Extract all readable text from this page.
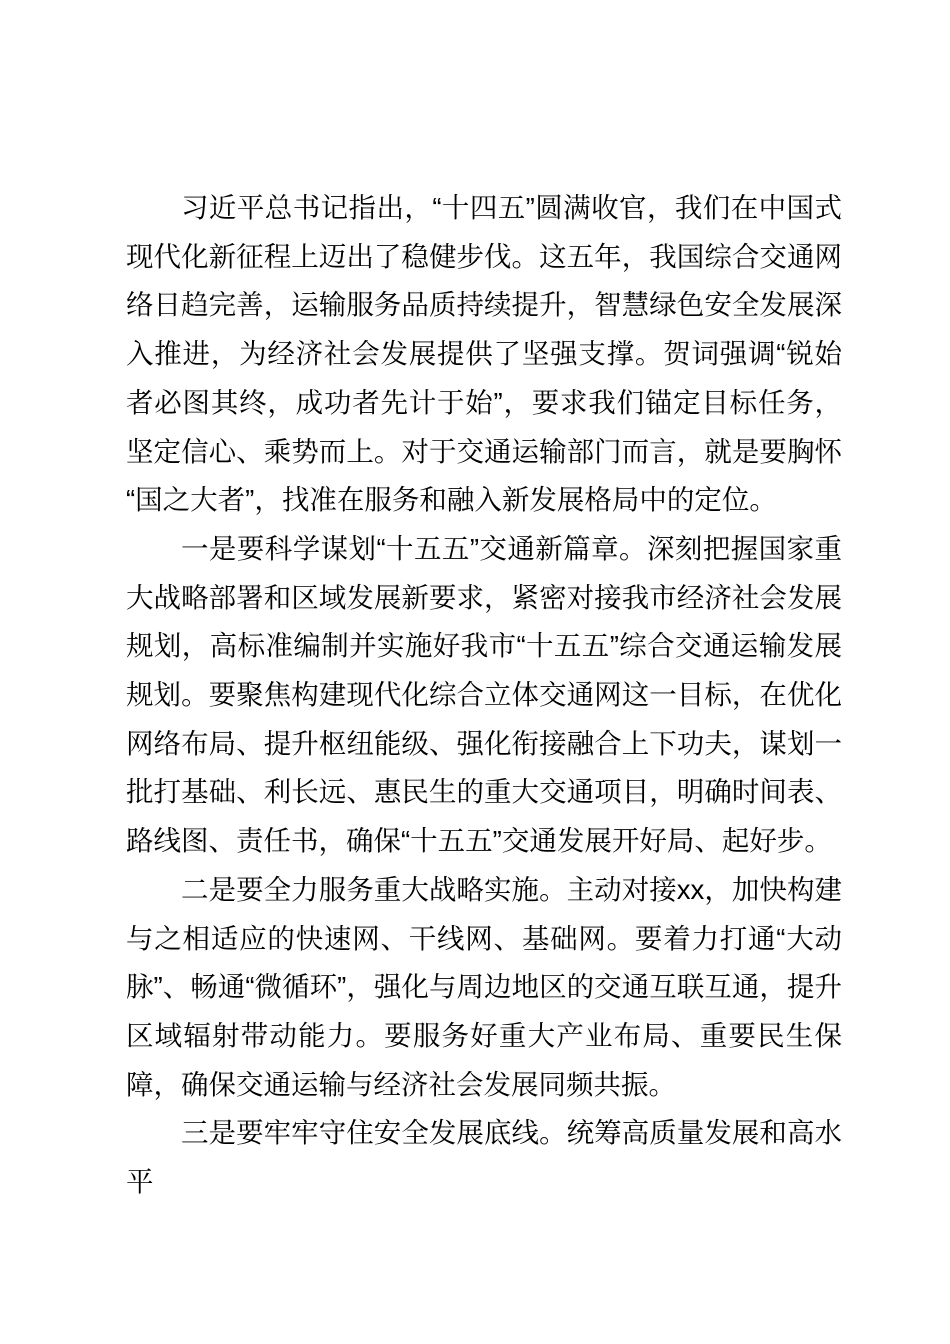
习近平总书记指出，“十四五”圆满收官，我们在中国式现代化新征程上迈出了稳健步伐。这五年，我国综合交通网络日趋完善，运输服务品质持续提升，智慧绿色安全发展深入推进，为经济社会发展提供了坚强支撑。贺词强调“锐始者必图其终，成功者先计于始”，要求我们锚定目标任务，坚定信心、乘势而上。对于交通运输部门而言，就是要胸怀“国之大者”，找准在服务和融入新发展格局中的定位。

一是要科学谋划“十五五”交通新篇章。深刻把握国家重大战略部署和区域发展新要求，紧密对接我市经济社会发展规划，高标准编制并实施好我市“十五五”综合交通运输发展规划。要聚焦构建现代化综合立体交通网这一目标，在优化网络布局、提升枢纽能级、强化衔接融合上下功夫，谋划一批打基础、利长远、惠民生的重大交通项目，明确时间表、路线图、责任书，确保“十五五”交通发展开好局、起好步。

二是要全力服务重大战略实施。主动对接xx，加快构建与之相适应的快速网、干线网、基础网。要着力打通“大动脉”、畅通“微循环”，强化与周边地区的交通互联互通，提升区域辐射带动能力。要服务好重大产业布局、重要民生保障，确保交通运输与经济社会发展同频共振。

三是要牢牢守住安全发展底线。统筹高质量发展和高水平
